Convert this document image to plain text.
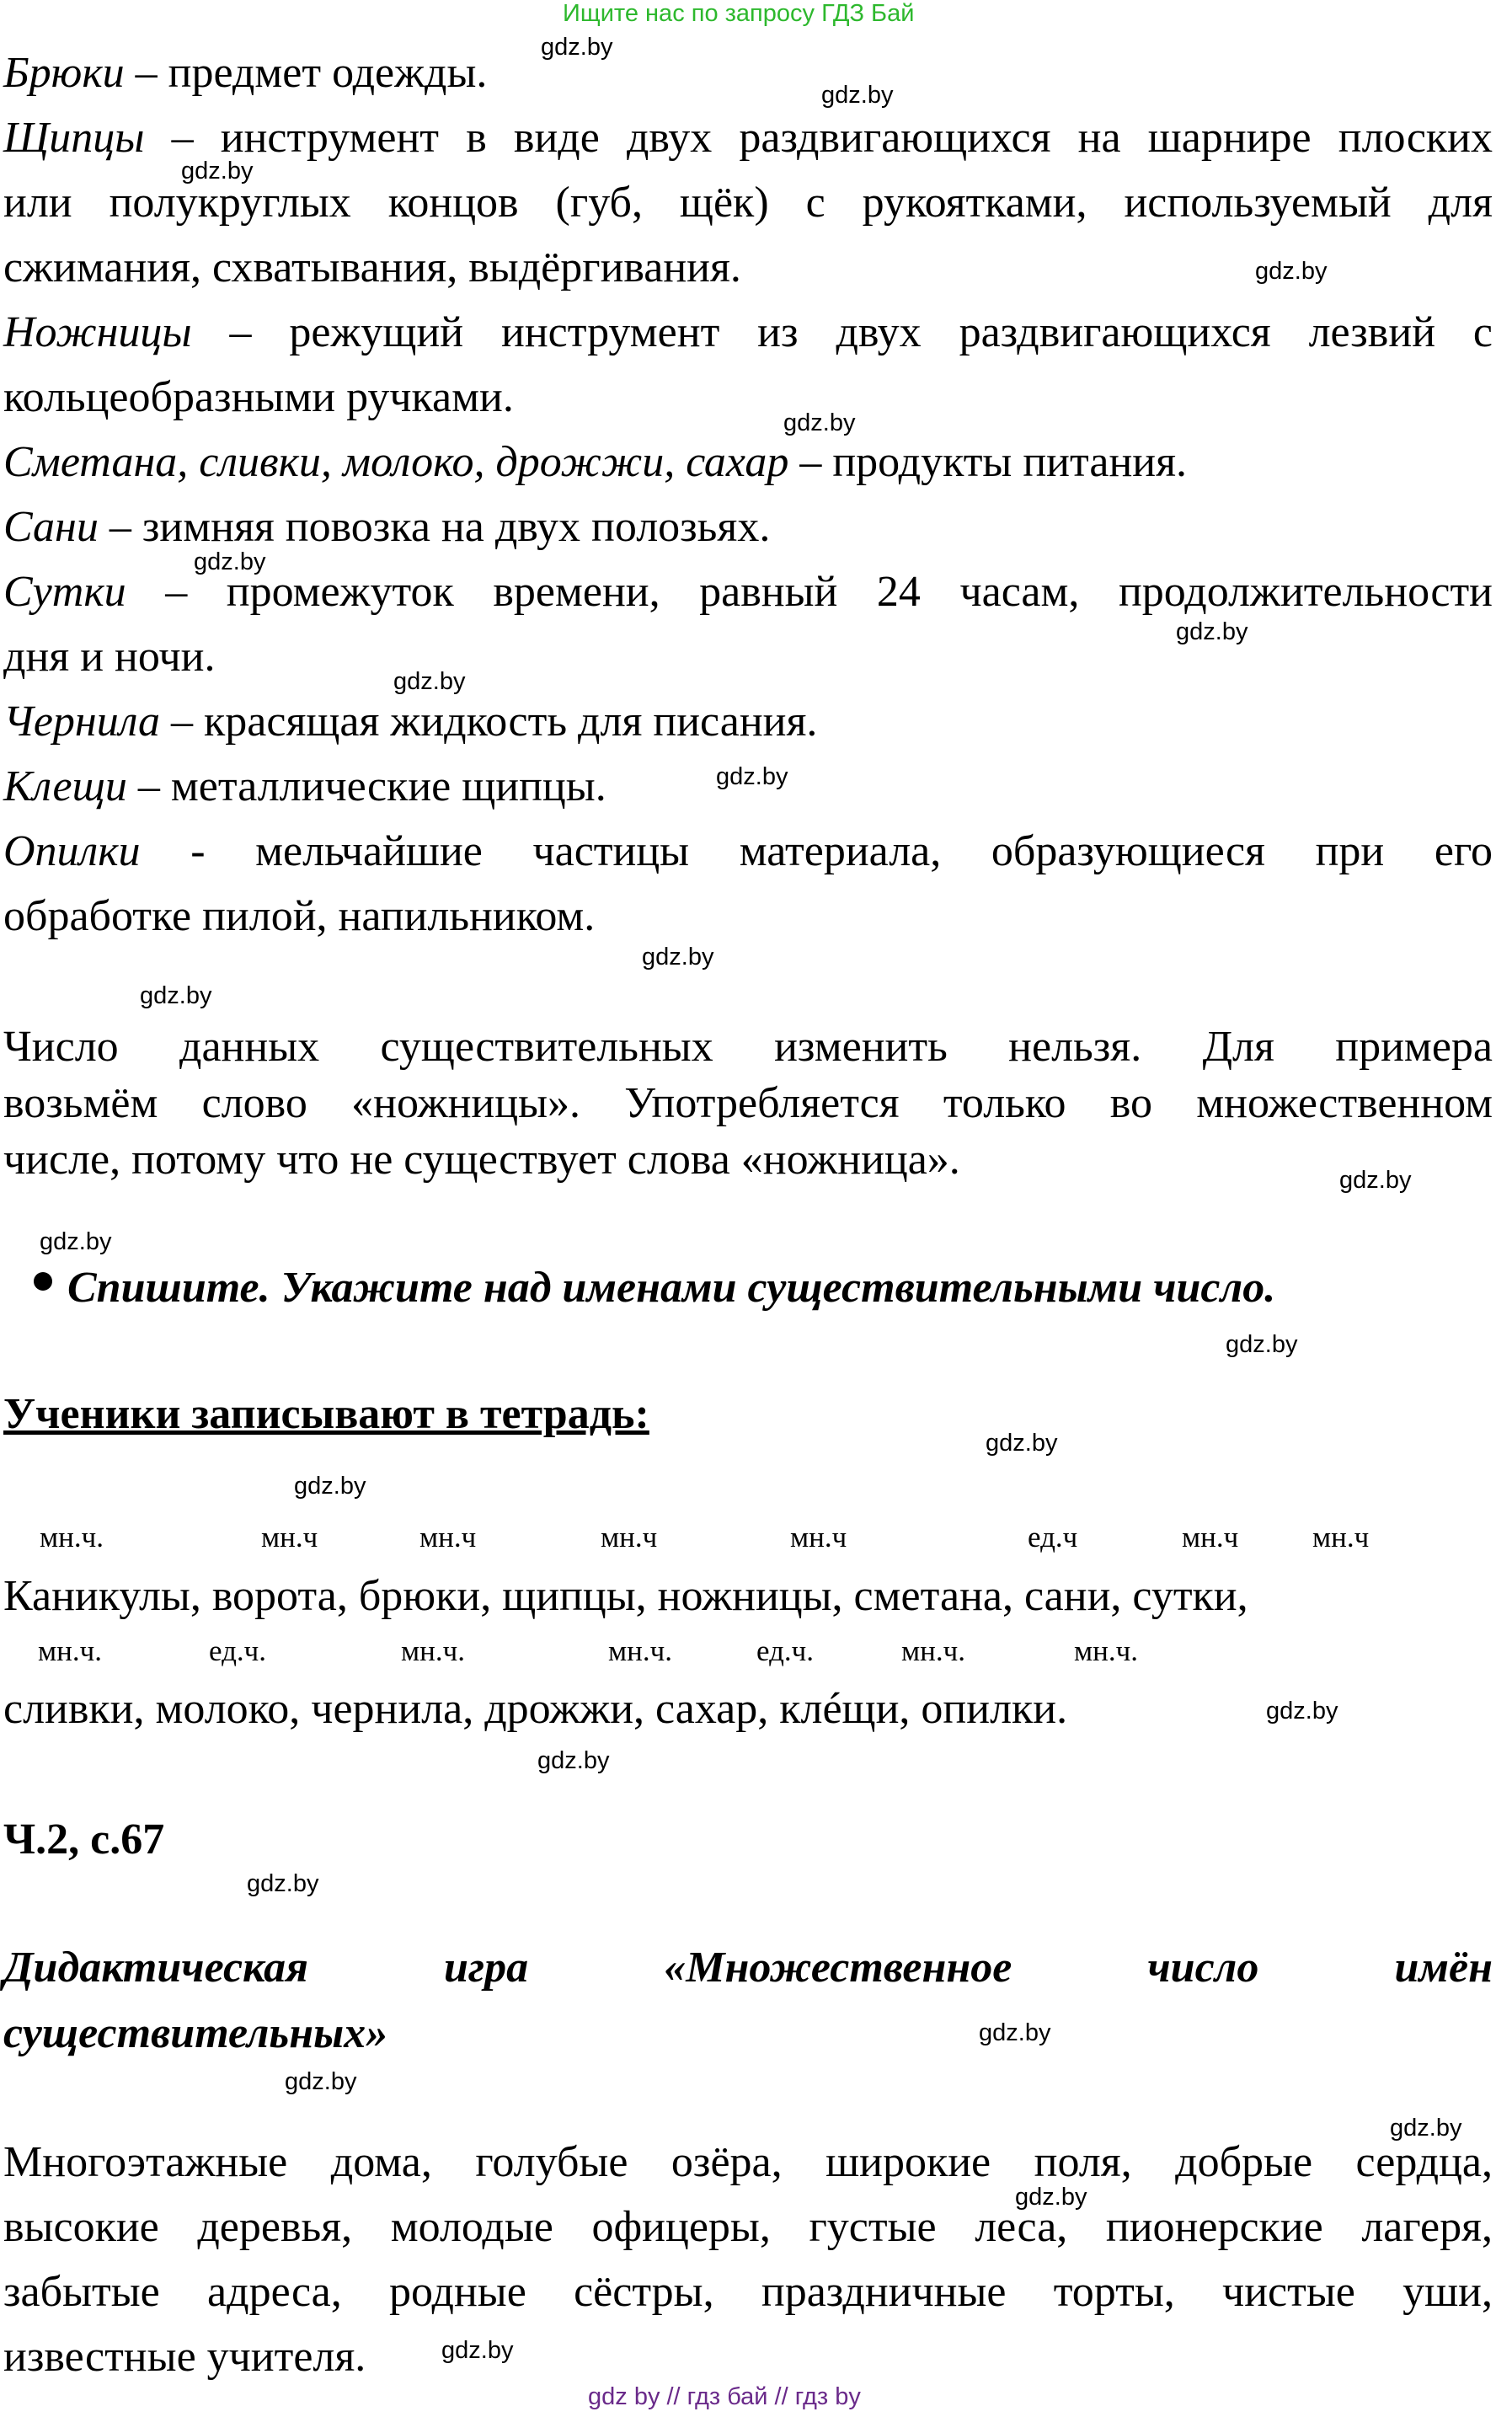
Ищите нас по запросу ГДЗ Бай
Брюки – предмет одежды.
Щипцы – инструмент в виде двух раздвигающихся на шарнире плоских
или полукруглых концов (губ, щёк) с рукоятками, используемый для
сжимания, схватывания, выдёргивания.
Ножницы – режущий инструмент из двух раздвигающихся лезвий с
кольцеобразными ручками.
Сметана, сливки, молоко, дрожжи, сахар – продукты питания.
Сани – зимняя повозка на двух полозьях.
Сутки – промежуток времени, равный 24 часам, продолжительности
дня и ночи.
Чернила – красящая жидкость для писания.
Клещи – металлические щипцы.
Опилки - мельчайшие частицы материала, образующиеся при его
обработке пилой, напильником.
Число данных существительных изменить нельзя. Для примера
возьмём слово «ножницы». Употребляется только во множественном
числе, потому что не существует слова «ножница».
Спишите. Укажите над именами существительными число.
Ученики записывают в тетрадь:
мн.ч.	мн.ч	мн.ч	мн.ч	мн.ч	ед.ч	мн.ч	мн.ч
Каникулы, ворота, брюки, щипцы, ножницы, сметана, сани, сутки,
мн.ч.	ед.ч.	мн.ч.	мн.ч.	ед.ч.	мн.ч.	мн.ч.
сливки, молоко, чернила, дрожжи, сахар, клéщи, опилки.
Ч.2, с.67
Дидактическая	игра	«Множественное	число	имён
существительных»
Многоэтажные дома, голубые озёра, широкие поля, добрые сердца,
высокие деревья, молодые офицеры, густые леса, пионерские лагеря,
забытые адреса, родные сёстры, праздничные торты, чистые уши,
известные учителя.
gdz.by
gdz.by
gdz.by
gdz.by
gdz.by
gdz.by
gdz.by
gdz.by
gdz.by
gdz.by
gdz.by
gdz.by
gdz.by
gdz.by
gdz.by
gdz.by
gdz.by
gdz.by
gdz.by
gdz.by
gdz.by
gdz.by
gdz.by
gdz.by
gdz by // гдз бай // гдз by
